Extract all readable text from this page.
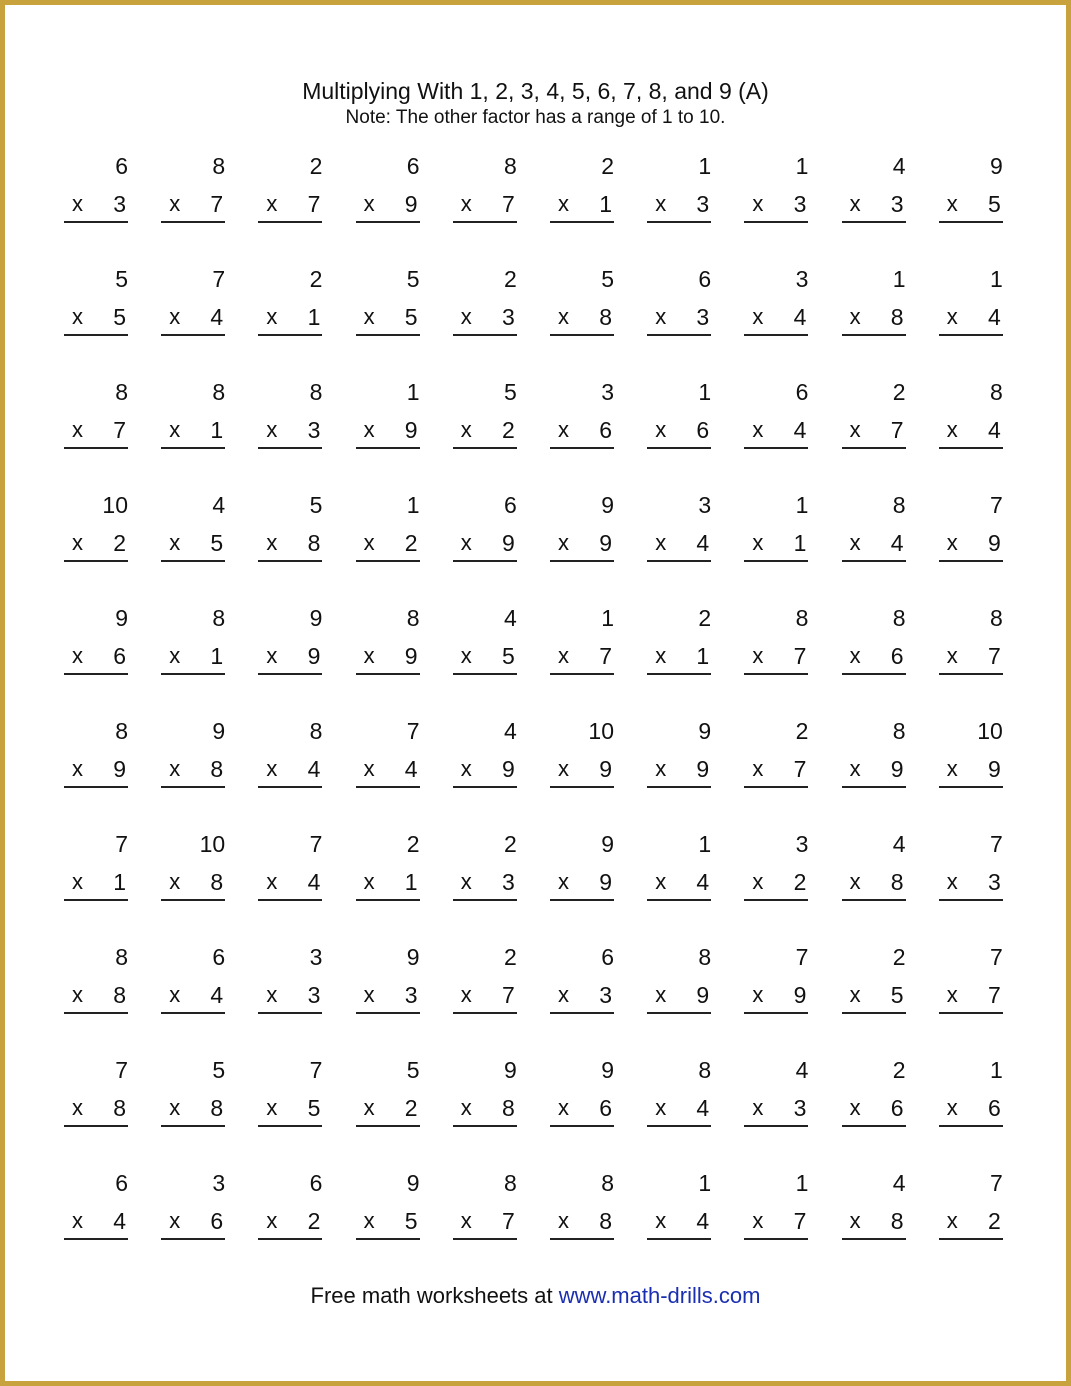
Multiplying With 1, 2, 3, 4, 5, 6, 7, 8, and 9 (A)
Note: The other factor has a range of 1 to 10.
6
x 3
8
x 7
2
x 7
6
x 9
8
x 7
2
x 1
1
x 3
1
x 3
4
x 3
9
x 5
5
x 5
7
x 4
2
x 1
5
x 5
2
x 3
5
x 8
6
x 3
3
x 4
1
x 8
1
x 4
8
x 7
8
x 1
8
x 3
1
x 9
5
x 2
3
x 6
1
x 6
6
x 4
2
x 7
8
x 4
10
x 2
4
x 5
5
x 8
1
x 2
6
x 9
9
x 9
3
x 4
1
x 1
8
x 4
7
x 9
9
x 6
8
x 1
9
x 9
8
x 9
4
x 5
1
x 7
2
x 1
8
x 7
8
x 6
8
x 7
8
x 9
9
x 8
8
x 4
7
x 4
4
x 9
10
x 9
9
x 9
2
x 7
8
x 9
10
x 9
7
x 1
10
x 8
7
x 4
2
x 1
2
x 3
9
x 9
1
x 4
3
x 2
4
x 8
7
x 3
8
x 8
6
x 4
3
x 3
9
x 3
2
x 7
6
x 3
8
x 9
7
x 9
2
x 5
7
x 7
7
x 8
5
x 8
7
x 5
5
x 2
9
x 8
9
x 6
8
x 4
4
x 3
2
x 6
1
x 6
6
x 4
3
x 6
6
x 2
9
x 5
8
x 7
8
x 8
1
x 4
1
x 7
4
x 8
7
x 2
Free math worksheets at www.math-drills.com
